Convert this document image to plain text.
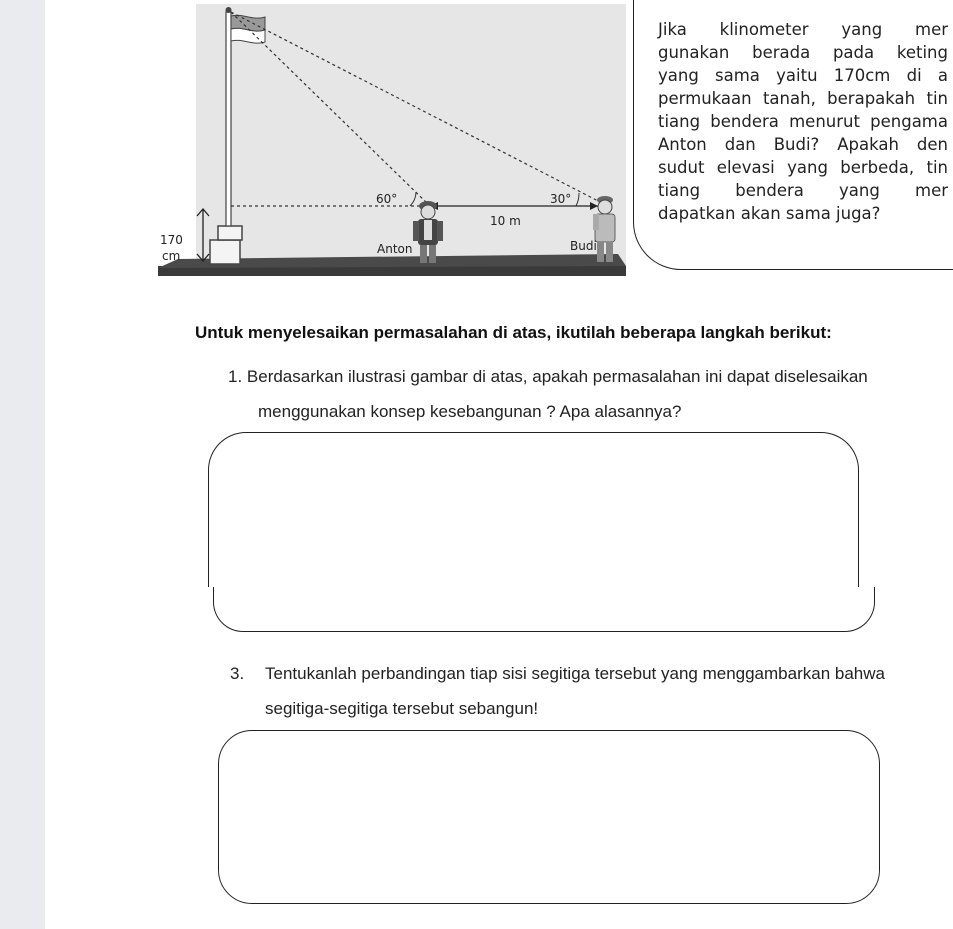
60°	30°
10 m
170
cm	Anton	Budi
Jika klinometer yang mer
gunakan berada pada keting
yang sama yaitu 170cm di a
permukaan tanah, berapakah tin
tiang bendera menurut pengama
Anton dan Budi? Apakah den
sudut elevasi yang berbeda, tin
tiang bendera yang mer
dapatkan akan sama juga?
Untuk menyelesaikan permasalahan di atas, ikutilah beberapa langkah berikut:
1. Berdasarkan ilustrasi gambar di atas, apakah permasalahan ini dapat diselesaikan
menggunakan konsep kesebangunan ? Apa alasannya?
3. Tentukanlah perbandingan tiap sisi segitiga tersebut yang menggambarkan bahwa
segitiga-segitiga tersebut sebangun!
